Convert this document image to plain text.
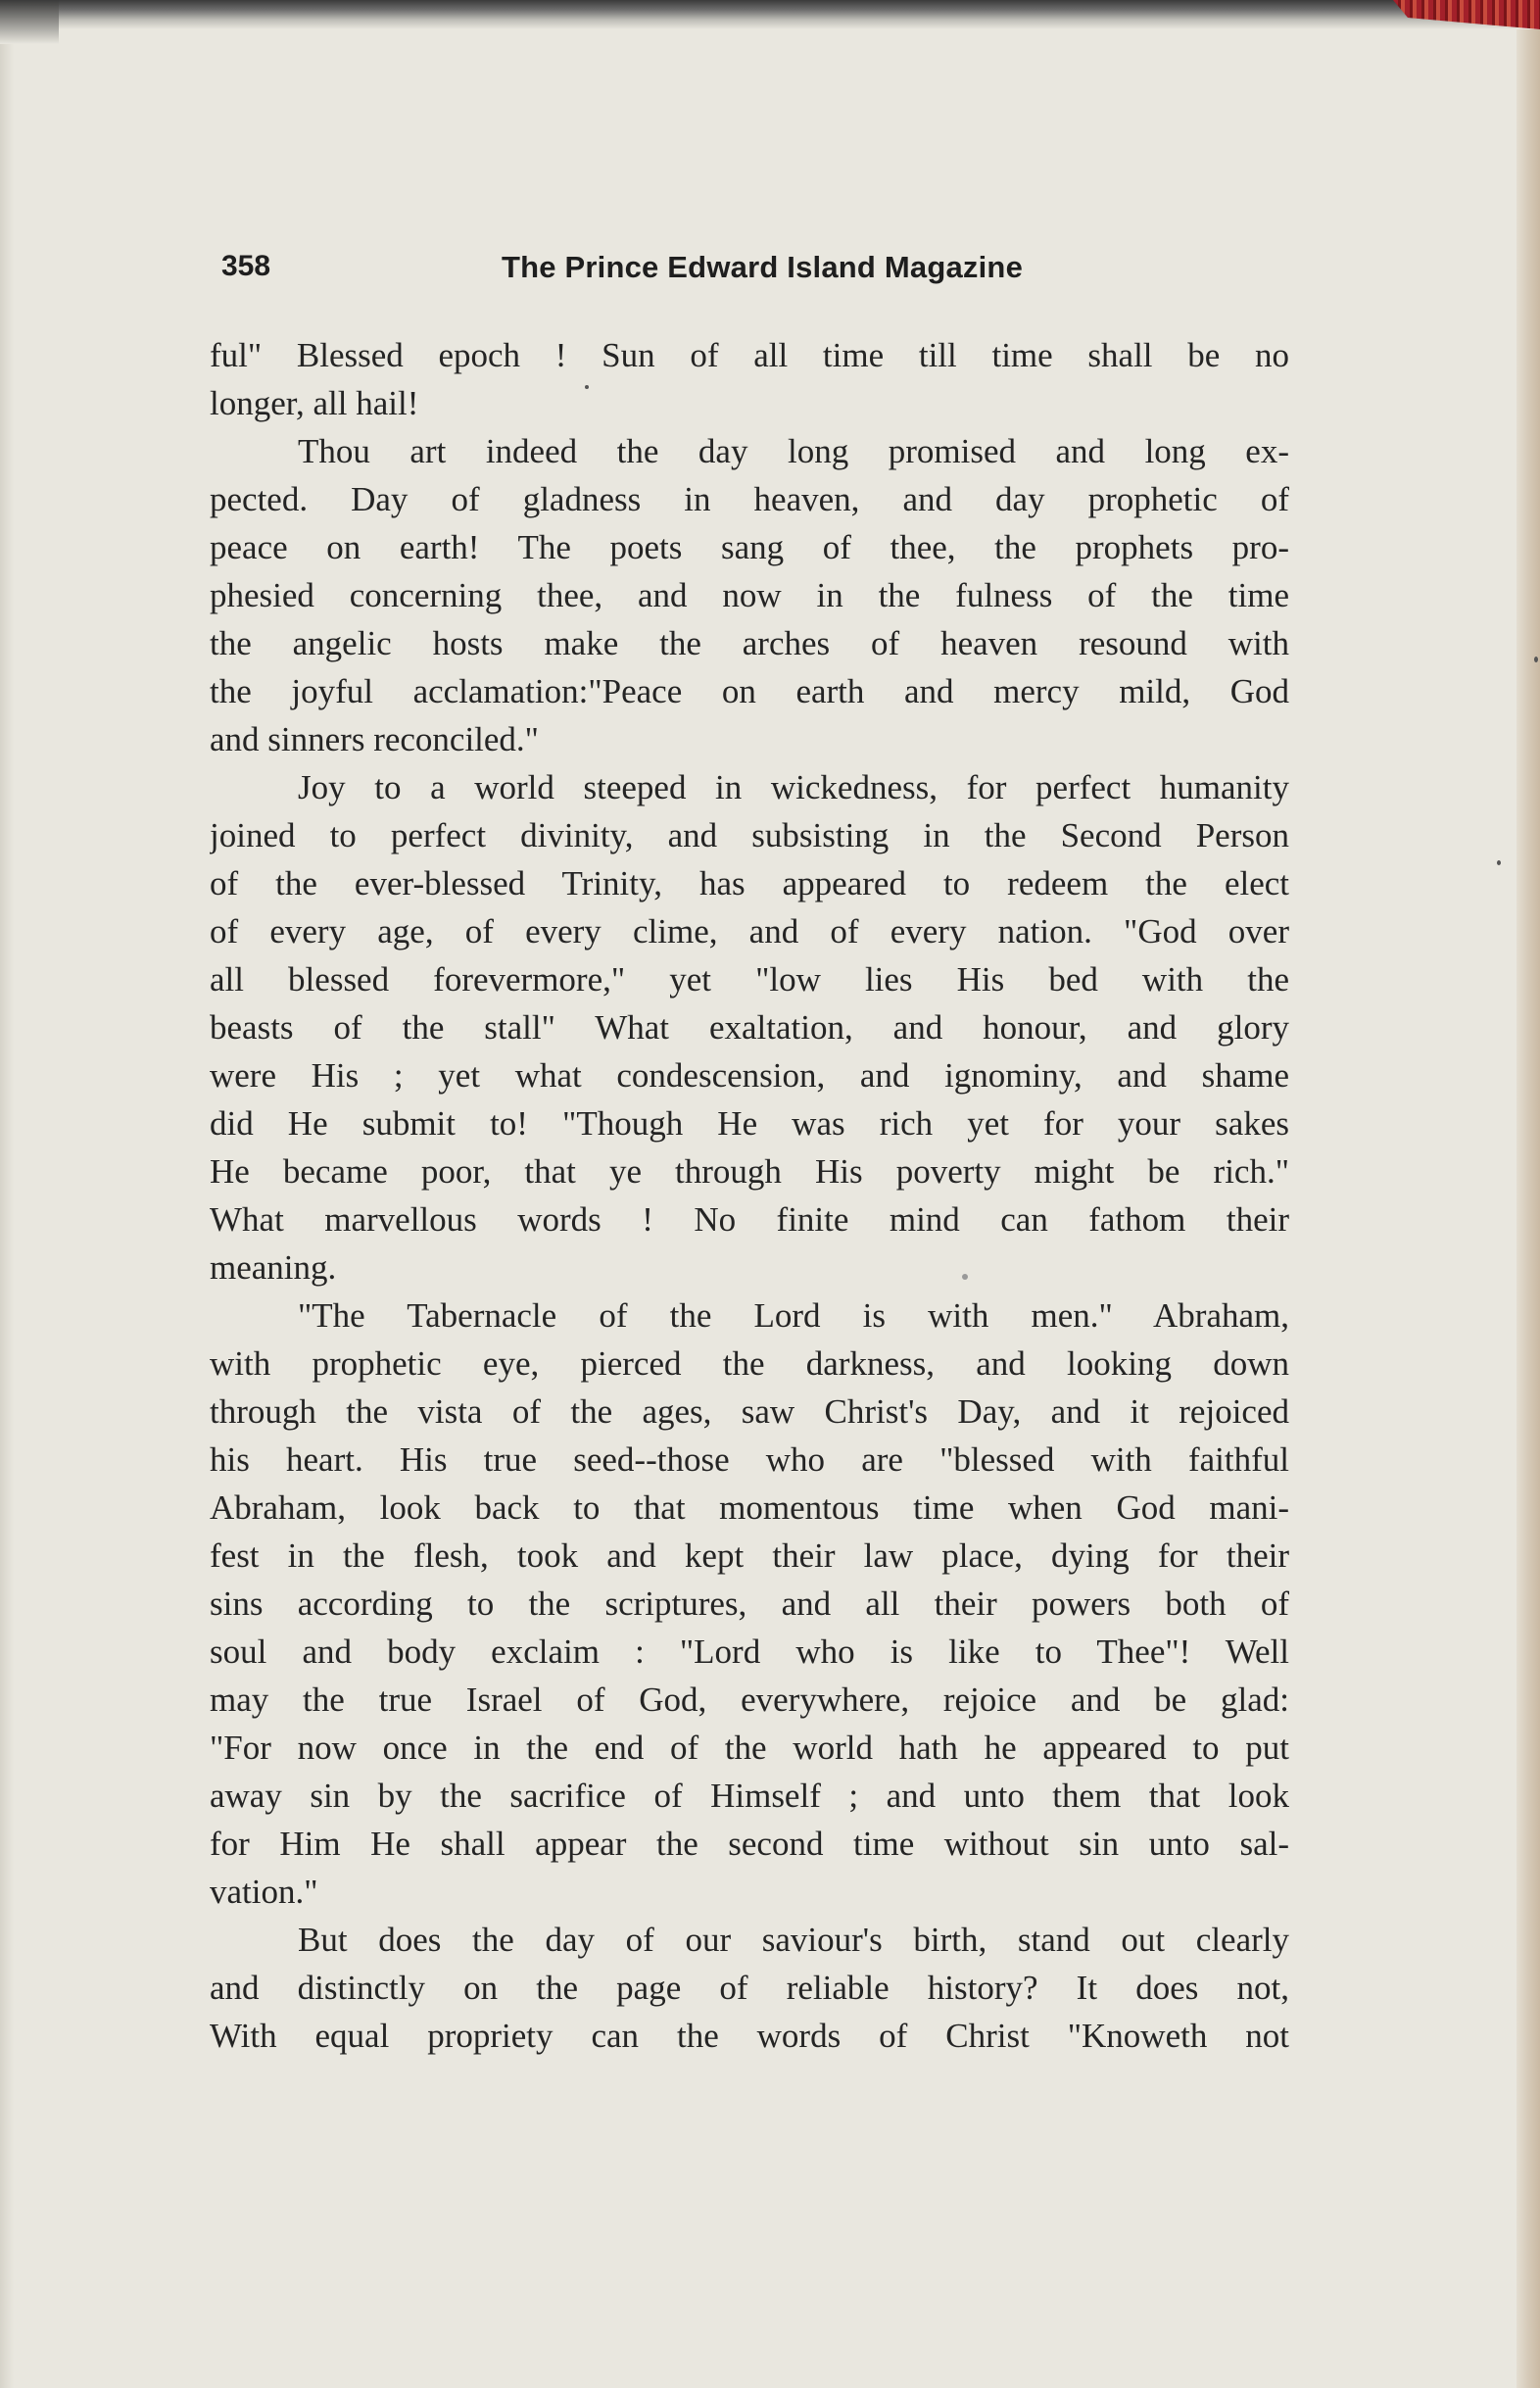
358	The Prince Edward Island Magazine
ful" Blessed epoch ! Sun of all time till time shall be no
longer, all hail!
Thou art indeed the day long promised and long ex-
pected. Day of gladness in heaven, and day prophetic of
peace on earth! The poets sang of thee, the prophets pro-
phesied concerning thee, and now in the fulness of the time
the angelic hosts make the arches of heaven resound with
the joyful acclamation:"Peace on earth and mercy mild, God
and sinners reconciled."
Joy to a world steeped in wickedness, for perfect humanity
joined to perfect divinity, and subsisting in the Second Person
of the ever-blessed Trinity, has appeared to redeem the elect
of every age, of every clime, and of every nation. "God over
all blessed forevermore," yet "low lies His bed with the
beasts of the stall" What exaltation, and honour, and glory
were His ; yet what condescension, and ignominy, and shame
did He submit to! "Though He was rich yet for your sakes
He became poor, that ye through His poverty might be rich."
What marvellous words ! No finite mind can fathom their
meaning.
"The Tabernacle of the Lord is with men." Abraham,
with prophetic eye, pierced the darkness, and looking down
through the vista of the ages, saw Christ's Day, and it rejoiced
his heart. His true seed--those who are "blessed with faithful
Abraham, look back to that momentous time when God mani-
fest in the flesh, took and kept their law place, dying for their
sins according to the scriptures, and all their powers both of
soul and body exclaim : "Lord who is like to Thee"! Well
may the true Israel of God, everywhere, rejoice and be glad:
"For now once in the end of the world hath he appeared to put
away sin by the sacrifice of Himself ; and unto them that look
for Him He shall appear the second time without sin unto sal-
vation."
But does the day of our saviour's birth, stand out clearly
and distinctly on the page of reliable history? It does not,
With equal propriety can the words of Christ "Knoweth not
